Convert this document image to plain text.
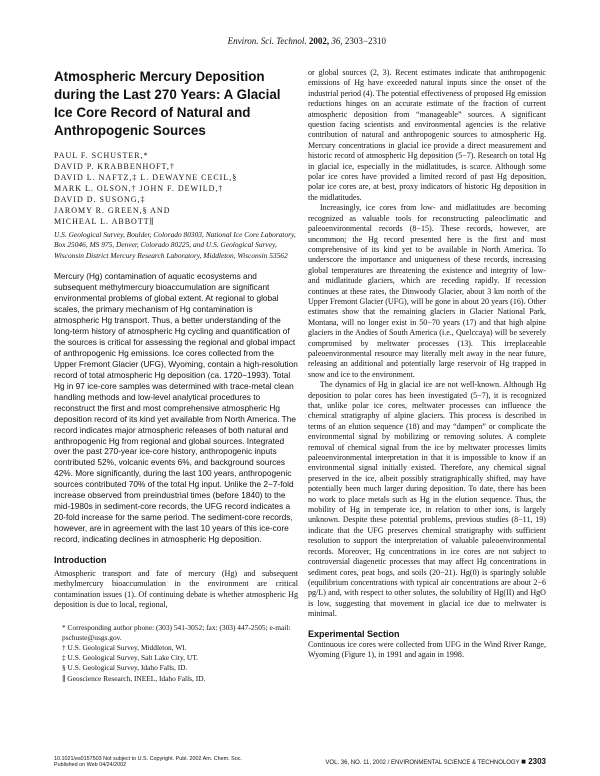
Environ. Sci. Technol. 2002, 36, 2303−2310
Atmospheric Mercury Deposition during the Last 270 Years: A Glacial Ice Core Record of Natural and Anthropogenic Sources
PAUL F. SCHUSTER,*
DAVID P. KRABBENHOFT,†
DAVID L. NAFTZ,‡ L. DEWAYNE CECIL,§
MARK L. OLSON,† JOHN F. DEWILD,†
DAVID D. SUSONG,‡
JAROMY R. GREEN,§ AND
MICHEAL L. ABBOTT∥
U.S. Geological Survey, Boulder, Colorado 80303, National Ice Core Laboratory, Box 25046, MS 975, Denver, Colorado 80225, and U.S. Geological Survey, Wisconsin District Mercury Research Laboratory, Middleton, Wisconsin 53562
Mercury (Hg) contamination of aquatic ecosystems and subsequent methylmercury bioaccumulation are significant environmental problems of global extent. At regional to global scales, the primary mechanism of Hg contamination is atmospheric Hg transport. Thus, a better understanding of the long-term history of atmospheric Hg cycling and quantification of the sources is critical for assessing the regional and global impact of anthropogenic Hg emissions. Ice cores collected from the Upper Fremont Glacier (UFG), Wyoming, contain a high-resolution record of total atmospheric Hg deposition (ca. 1720−1993). Total Hg in 97 ice-core samples was determined with trace-metal clean handling methods and low-level analytical procedures to reconstruct the first and most comprehensive atmospheric Hg deposition record of its kind yet available from North America. The record indicates major atmospheric releases of both natural and anthropogenic Hg from regional and global sources. Integrated over the past 270-year ice-core history, anthropogenic inputs contributed 52%, volcanic events 6%, and background sources 42%. More significantly, during the last 100 years, anthropogenic sources contributed 70% of the total Hg input. Unlike the 2−7-fold increase observed from preindustrial times (before 1840) to the mid-1980s in sediment-core records, the UFG record indicates a 20-fold increase for the same period. The sediment-core records, however, are in agreement with the last 10 years of this ice-core record, indicating declines in atmospheric Hg deposition.
Introduction
Atmospheric transport and fate of mercury (Hg) and subsequent methylmercury bioaccumulation in the environment are critical contamination issues (1). Of continuing debate is whether atmospheric Hg deposition is due to local, regional,
* Corresponding author phone: (303) 541-3052; fax: (303) 447-2505; e-mail: pschuste@usgs.gov.
† U.S. Geological Survey, Middleton, WI.
‡ U.S. Geological Survey, Salt Lake City, UT.
§ U.S. Geological Survey, Idaho Falls, ID.
∥ Geoscience Research, INEEL, Idaho Falls, ID.
10.1021/es0157503 Not subject to U.S. Copyright. Publ. 2002 Am. Chem. Soc. Published on Web 04/24/2002

or global sources (2, 3). Recent estimates indicate that anthropogenic emissions of Hg have exceeded natural inputs since the onset of the industrial period (4). The potential effectiveness of proposed Hg emission reductions hinges on an accurate estimate of the fraction of current atmospheric deposition from “manageable” sources. A significant question facing scientists and environmental agencies is the relative contribution of natural and anthropogenic sources to atmospheric Hg. Mercury concentrations in glacial ice provide a direct measurement and historic record of atmospheric Hg deposition (5−7). Research on total Hg in glacial ice, especially in the midlatitudes, is scarce. Although some polar ice cores have provided a limited record of past Hg deposition, polar ice cores are, at best, proxy indicators of historic Hg deposition in the midlatitudes.

Increasingly, ice cores from low- and midlatitudes are becoming recognized as valuable tools for reconstructing paleoclimatic and paleoenvironmental records (8−15). These records, however, are uncommon; the Hg record presented here is the first and most comprehensive of its kind yet to be available in North America. To underscore the importance and uniqueness of these records, increasing global temperatures are threatening the existence and integrity of low- and midlatitude glaciers, which are receding rapidly. If recession continues at these rates, the Dinwoody Glacier, about 3 km north of the Upper Fremont Glacier (UFG), will be gone in about 20 years (16). Other estimates show that the remaining glaciers in Glacier National Park, Montana, will no longer exist in 50−70 years (17) and that high alpine glaciers in the Andies of South America (i.e., Quelccaya) will be severely compromised by meltwater processes (13). This irreplaceable paleoenvironmental resource may literally melt away in the near future, releasing an additional and potentially large reservoir of Hg trapped in snow and ice to the environment.

The dynamics of Hg in glacial ice are not well-known. Although Hg deposition to polar cores has been investigated (5−7), it is recognized that, unlike polar ice cores, meltwater processes can influence the chemical stratigraphy of alpine glaciers. This process is described in terms of an elution sequence (18) and may “dampen” or complicate the environmental signal by mobilizing or removing solutes. A complete removal of chemical signal from the ice by meltwater processes limits paleoenvironmental interpretation in that it is impossible to know if an environmental signal initially existed. Therefore, any chemical signal preserved in the ice, albeit possibly stratigraphically shifted, may have potentially been much larger during deposition. To date, there has been no work to place metals such as Hg in the elution sequence. Thus, the mobility of Hg in temperate ice, in relation to other ions, is largely unknown. Despite these potential problems, previous studies (8−11, 19) indicate that the UFG preserves chemical stratigraphy with sufficient resolution to support the interpretation of valuable paleoenvironmental records. Moreover, Hg concentrations in ice cores are not subject to controversial diagenetic processes that may affect Hg concentrations in sediment cores, peat bogs, and soils (20−21). Hg(0) is sparingly soluble (equilibrium concentrations with typical air concentrations are about 2−6 pg/L) and, with respect to other solutes, the solubility of Hg(II) and HgO is low, suggesting that movement in glacial ice due to meltwater is minimal.

Experimental Section

Continuous ice cores were collected from UFG in the Wind River Range, Wyoming (Figure 1), in 1991 and again in 1998.

VOL. 36, NO. 11, 2002 / ENVIRONMENTAL SCIENCE & TECHNOLOGY ■ 2303
